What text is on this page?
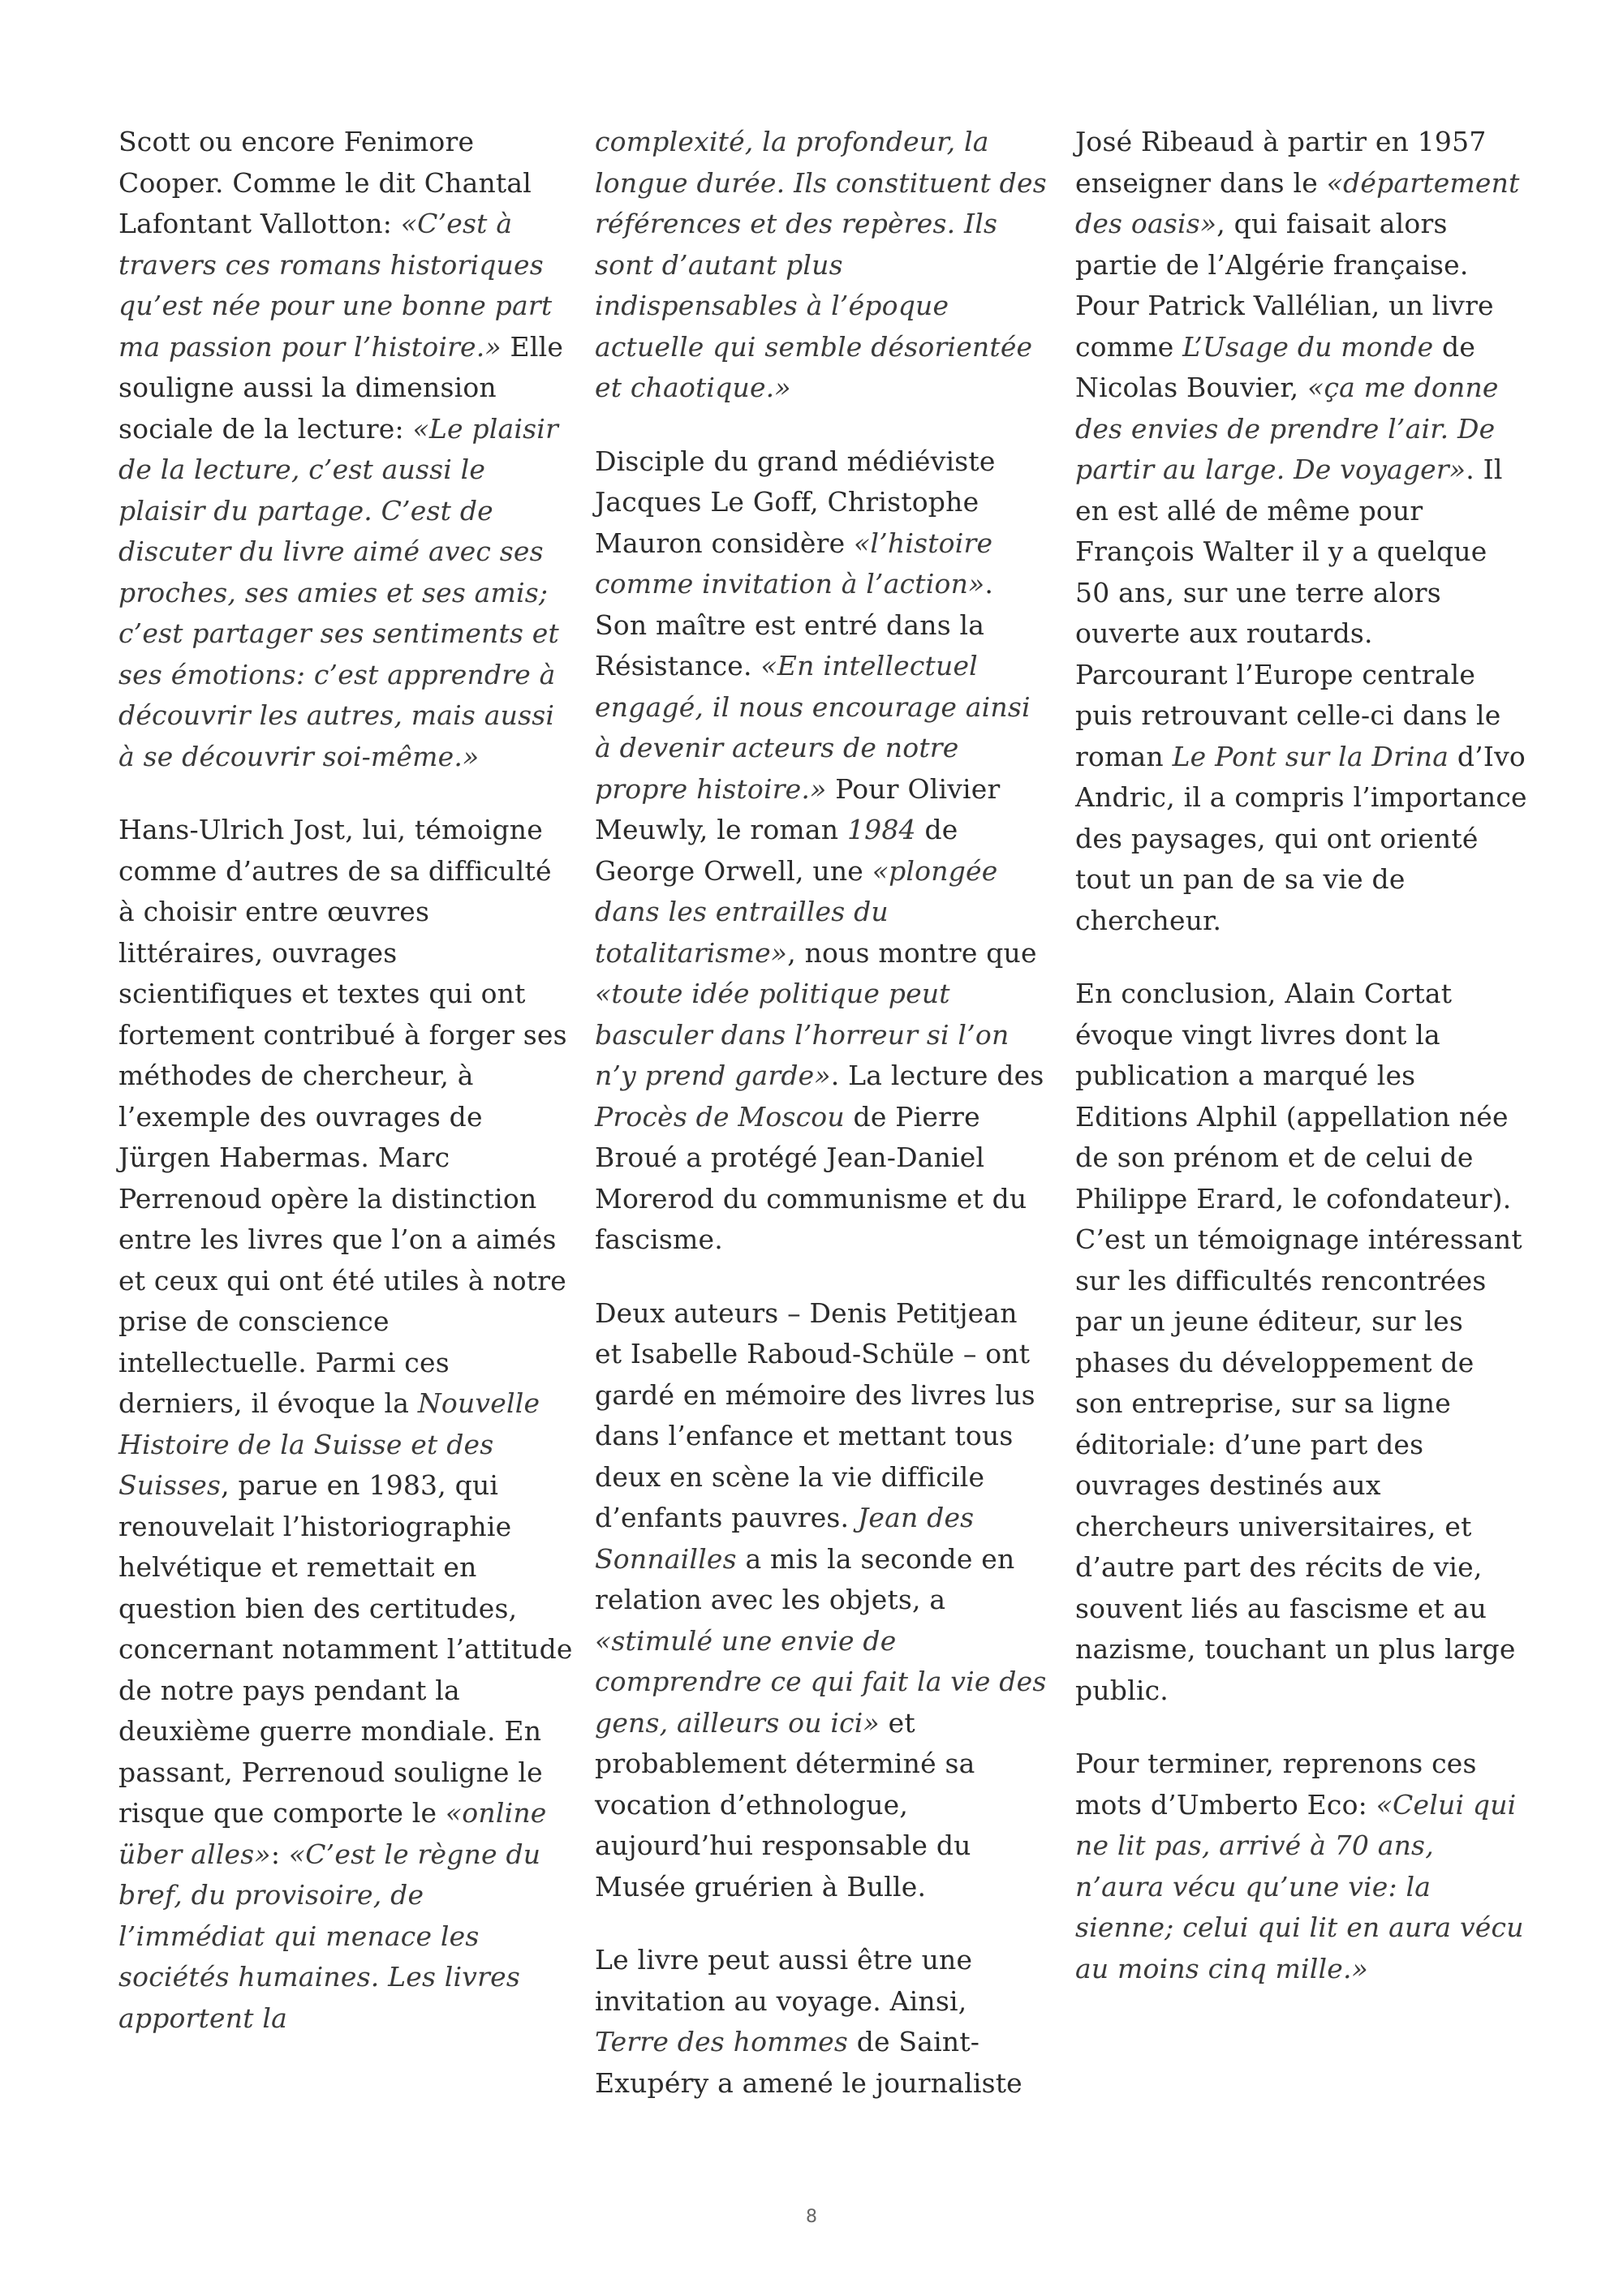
Scott ou encore Fenimore Cooper. Comme le dit Chantal Lafontant Vallotton: «C’est à travers ces romans historiques qu’est née pour une bonne part ma passion pour l’histoire.» Elle souligne aussi la dimension sociale de la lecture: «Le plaisir de la lecture, c’est aussi le plaisir du partage. C’est de discuter du livre aimé avec ses proches, ses amies et ses amis; c’est partager ses sentiments et ses émotions: c’est apprendre à découvrir les autres, mais aussi à se découvrir soi-même.»

Hans-Ulrich Jost, lui, témoigne comme d’autres de sa difficulté à choisir entre œuvres littéraires, ouvrages scientifiques et textes qui ont fortement contribué à forger ses méthodes de chercheur, à l’exemple des ouvrages de Jürgen Habermas. Marc Perrenoud opère la distinction entre les livres que l’on a aimés et ceux qui ont été utiles à notre prise de conscience intellectuelle. Parmi ces derniers, il évoque la Nouvelle Histoire de la Suisse et des Suisses, parue en 1983, qui renouvelait l’historiographie helvétique et remettait en question bien des certitudes, concernant notamment l’attitude de notre pays pendant la deuxième guerre mondiale. En passant, Perrenoud souligne le risque que comporte le «online über alles»: «C’est le règne du bref, du provisoire, de l’immédiat qui menace les sociétés humaines. Les livres apportent la

complexité, la profondeur, la longue durée. Ils constituent des références et des repères. Ils sont d’autant plus indispensables à l’époque actuelle qui semble désorientée et chaotique.»

Disciple du grand médiéviste Jacques Le Goff, Christophe Mauron considère «l’histoire comme invitation à l’action». Son maître est entré dans la Résistance. «En intellectuel engagé, il nous encourage ainsi à devenir acteurs de notre propre histoire.» Pour Olivier Meuwly, le roman 1984 de George Orwell, une «plongée dans les entrailles du totalitarisme», nous montre que «toute idée politique peut basculer dans l’horreur si l’on n’y prend garde». La lecture des Procès de Moscou de Pierre Broué a protégé Jean-Daniel Morerod du communisme et du fascisme.

Deux auteurs – Denis Petitjean et Isabelle Raboud-Schüle – ont gardé en mémoire des livres lus dans l’enfance et mettant tous deux en scène la vie difficile d’enfants pauvres. Jean des Sonnailles a mis la seconde en relation avec les objets, a «stimulé une envie de comprendre ce qui fait la vie des gens, ailleurs ou ici» et probablement déterminé sa vocation d’ethnologue, aujourd’hui responsable du Musée gruérien à Bulle.

Le livre peut aussi être une invitation au voyage. Ainsi, Terre des hommes de Saint-Exupéry a amené le journaliste

José Ribeaud à partir en 1957 enseigner dans le «département des oasis», qui faisait alors partie de l’Algérie française. Pour Patrick Vallélian, un livre comme L’Usage du monde de Nicolas Bouvier, «ça me donne des envies de prendre l’air. De partir au large. De voyager». Il en est allé de même pour François Walter il y a quelque 50 ans, sur une terre alors ouverte aux routards. Parcourant l’Europe centrale puis retrouvant celle-ci dans le roman Le Pont sur la Drina d’Ivo Andric, il a compris l’importance des paysages, qui ont orienté tout un pan de sa vie de chercheur.

En conclusion, Alain Cortat évoque vingt livres dont la publication a marqué les Editions Alphil (appellation née de son prénom et de celui de Philippe Erard, le cofondateur). C’est un témoignage intéressant sur les difficultés rencontrées par un jeune éditeur, sur les phases du développement de son entreprise, sur sa ligne éditoriale: d’une part des ouvrages destinés aux chercheurs universitaires, et d’autre part des récits de vie, souvent liés au fascisme et au nazisme, touchant un plus large public.

Pour terminer, reprenons ces mots d’Umberto Eco: «Celui qui ne lit pas, arrivé à 70 ans, n’aura vécu qu’une vie: la sienne; celui qui lit en aura vécu au moins cinq mille.»

8
